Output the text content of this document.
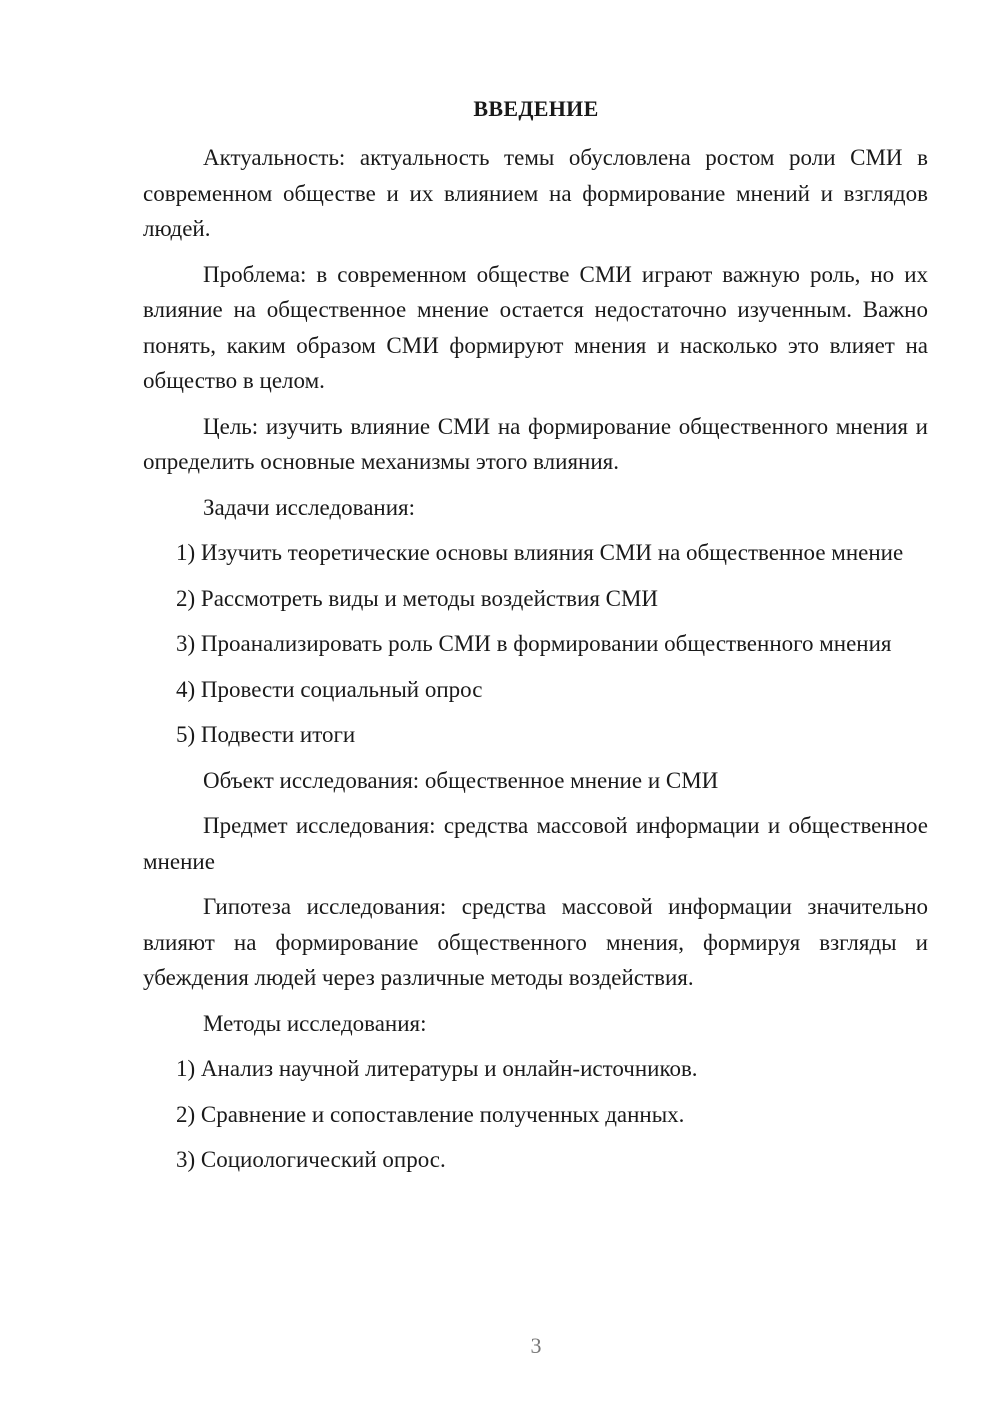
ВВЕДЕНИЕ

Актуальность: актуальность темы обусловлена ростом роли СМИ в современном обществе и их влиянием на формирование мнений и взглядов людей.

Проблема: в современном обществе СМИ играют важную роль, но их влияние на общественное мнение остается недостаточно изученным. Важно понять, каким образом СМИ формируют мнения и насколько это влияет на общество в целом.

Цель: изучить влияние СМИ на формирование общественного мнения и определить основные механизмы этого влияния.

Задачи исследования:

1) Изучить теоретические основы влияния СМИ на общественное мнение

2) Рассмотреть виды и методы воздействия СМИ

3) Проанализировать роль СМИ в формировании общественного мнения

4) Провести социальный опрос

5) Подвести итоги

Объект исследования: общественное мнение и СМИ

Предмет исследования: средства массовой информации и общественное мнение

Гипотеза исследования: средства массовой информации значительно влияют на формирование общественного мнения, формируя взгляды и убеждения людей через различные методы воздействия.

Методы исследования:

1) Анализ научной литературы и онлайн-источников.

2) Сравнение и сопоставление полученных данных.

3) Социологический опрос.

3
